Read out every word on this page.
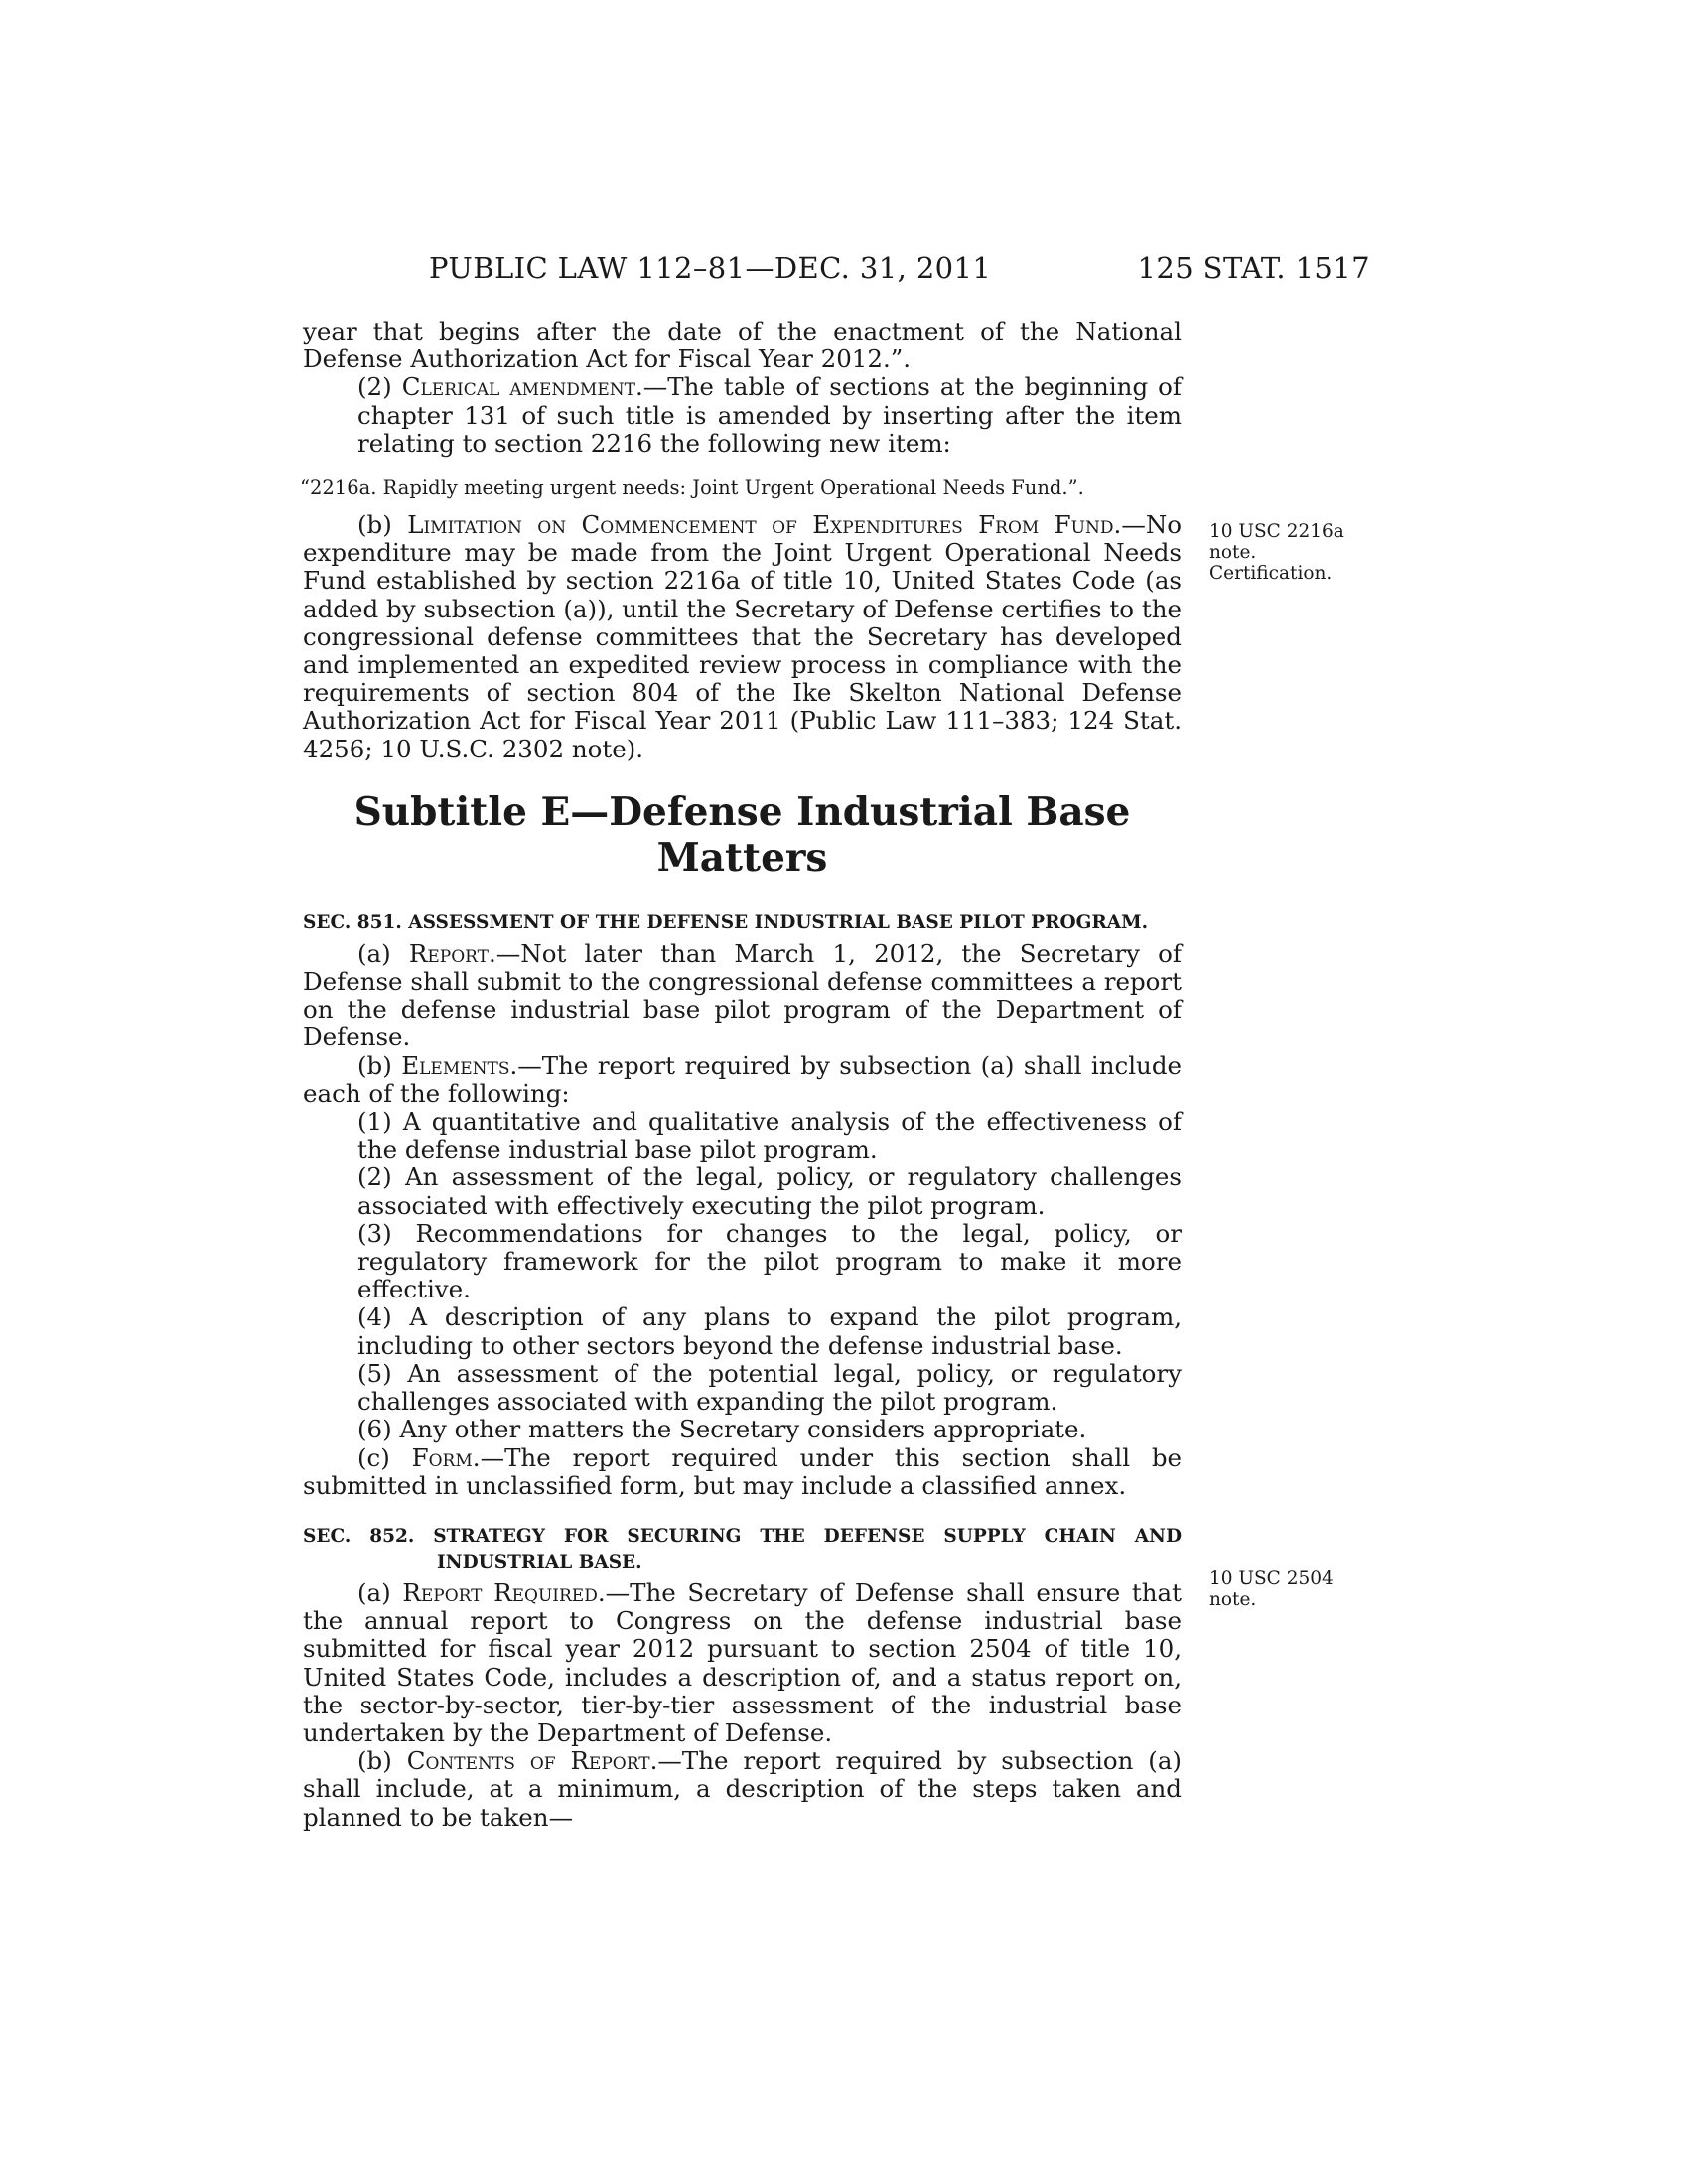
PUBLIC LAW 112–81—DEC. 31, 2011	125 STAT. 1517
10 USC 2216a
note.
Certification.
10 USC 2504
note.

year that begins after the date of the enactment of the National Defense Authorization Act for Fiscal Year 2012.”.

(2) Clerical amendment.—The table of sections at the beginning of chapter 131 of such title is amended by inserting after the item relating to section 2216 the following new item:

“2216a. Rapidly meeting urgent needs: Joint Urgent Operational Needs Fund.”.

(b) Limitation on Commencement of Expenditures From Fund.—No expenditure may be made from the Joint Urgent Operational Needs Fund established by section 2216a of title 10, United States Code (as added by subsection (a)), until the Secretary of Defense certifies to the congressional defense committees that the Secretary has developed and implemented an expedited review process in compliance with the requirements of section 804 of the Ike Skelton National Defense Authorization Act for Fiscal Year 2011 (Public Law 111–383; 124 Stat. 4256; 10 U.S.C. 2302 note).

Subtitle E—Defense Industrial Base Matters

SEC. 851. ASSESSMENT OF THE DEFENSE INDUSTRIAL BASE PILOT PROGRAM.

(a) Report.—Not later than March 1, 2012, the Secretary of Defense shall submit to the congressional defense committees a report on the defense industrial base pilot program of the Department of Defense.

(b) Elements.—The report required by subsection (a) shall include each of the following:

(1) A quantitative and qualitative analysis of the effectiveness of the defense industrial base pilot program.

(2) An assessment of the legal, policy, or regulatory challenges associated with effectively executing the pilot program.

(3) Recommendations for changes to the legal, policy, or regulatory framework for the pilot program to make it more effective.

(4) A description of any plans to expand the pilot program, including to other sectors beyond the defense industrial base.

(5) An assessment of the potential legal, policy, or regulatory challenges associated with expanding the pilot program.

(6) Any other matters the Secretary considers appropriate.

(c) Form.—The report required under this section shall be submitted in unclassified form, but may include a classified annex.

SEC. 852. STRATEGY FOR SECURING THE DEFENSE SUPPLY CHAIN AND INDUSTRIAL BASE.

(a) Report Required.—The Secretary of Defense shall ensure that the annual report to Congress on the defense industrial base submitted for fiscal year 2012 pursuant to section 2504 of title 10, United States Code, includes a description of, and a status report on, the sector-by-sector, tier-by-tier assessment of the industrial base undertaken by the Department of Defense.

(b) Contents of Report.—The report required by subsection (a) shall include, at a minimum, a description of the steps taken and planned to be taken—
